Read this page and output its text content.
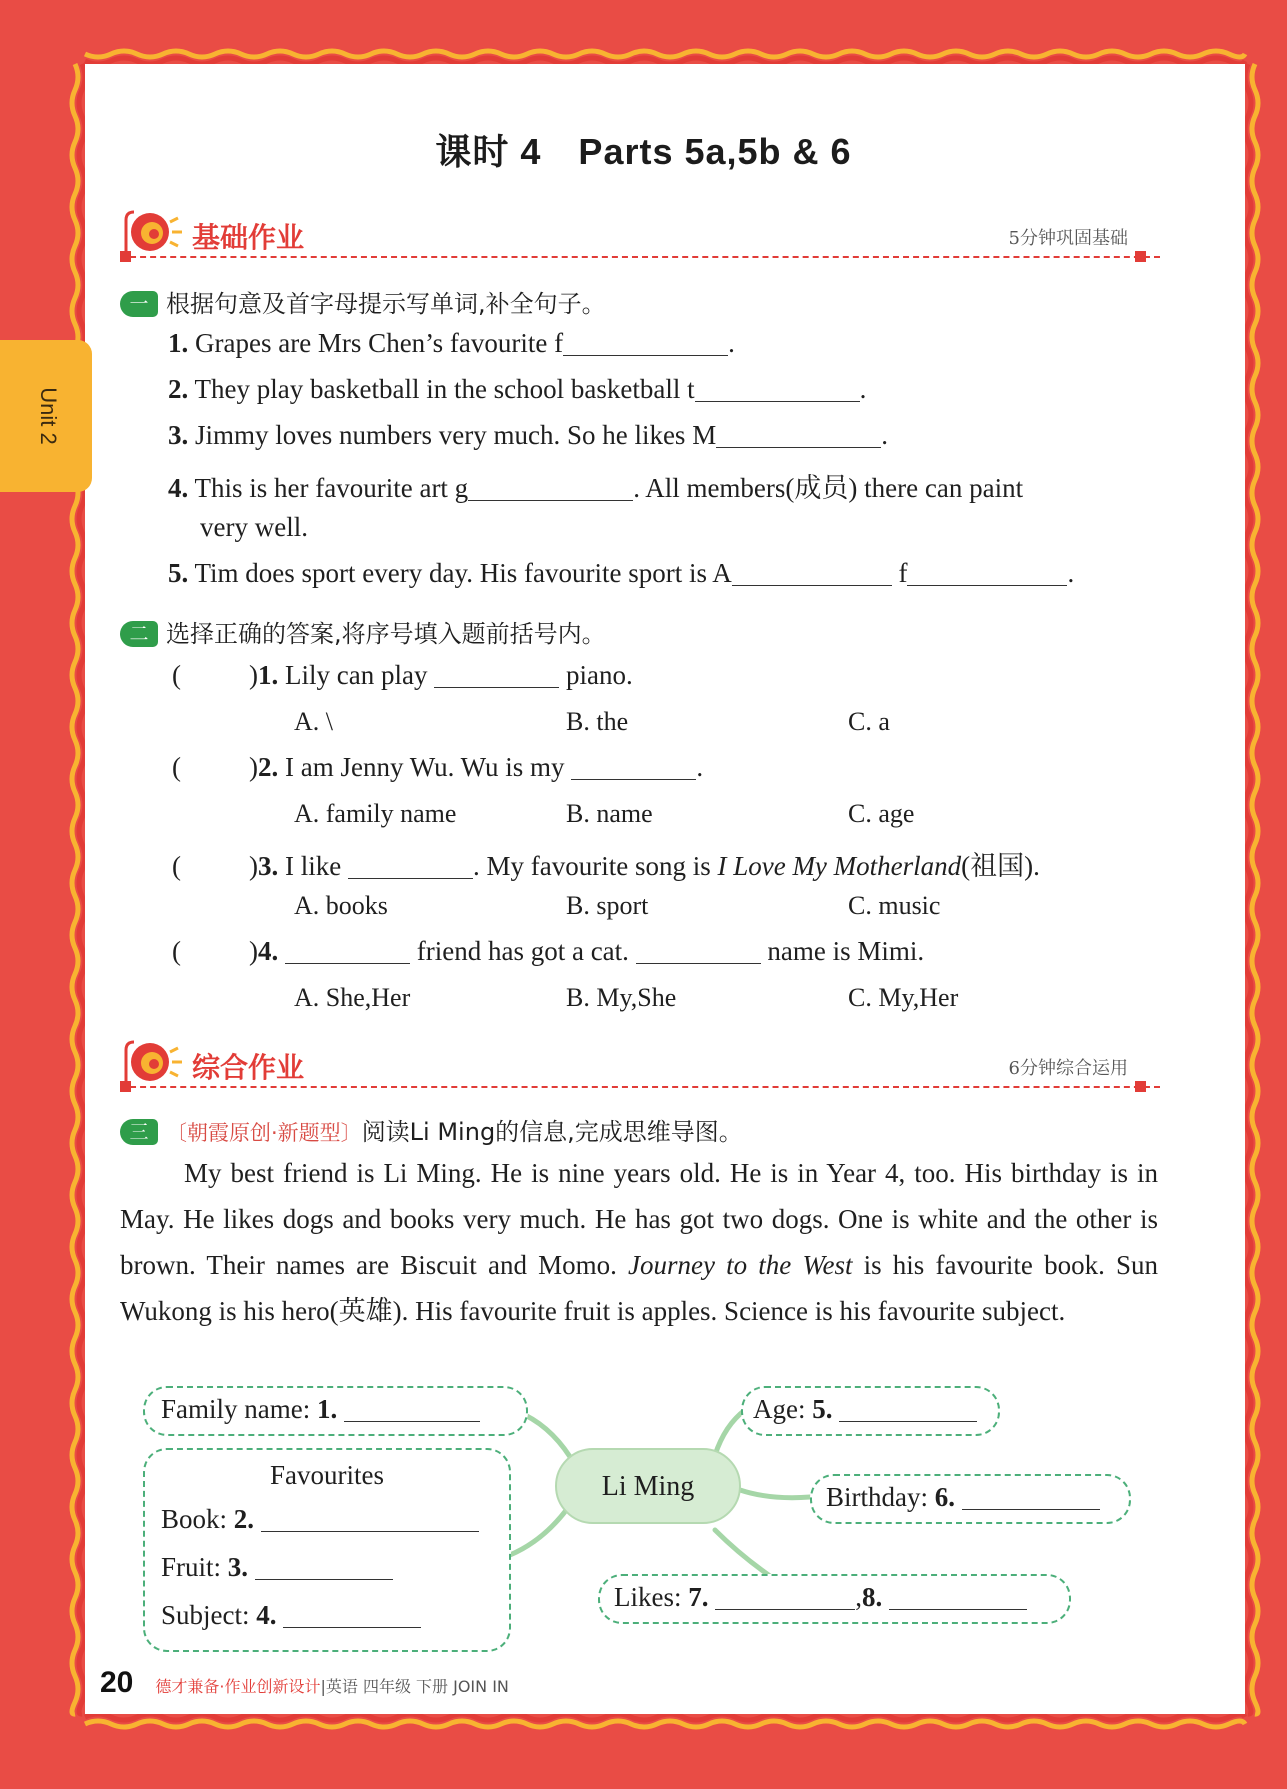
Unit 2
课时 4　Parts 5a,5b & 6
基础作业	5分钟巩固基础
一 根据句意及首字母提示写单词,补全句子。
1. Grapes are Mrs Chen’s favourite f	.
2. They play basketball in the school basketball t	.
3. Jimmy loves numbers very much. So he likes M	.
4. This is her favourite art g	. All members(成员) there can paint
very well.
5. Tim does sport every day. His favourite sport is A	f	.
二 选择正确的答案,将序号填入题前括号内。
(	)1. Lily can play	piano.
A. \	B. the	C. a
(	)2. I am Jenny Wu. Wu is my	.
A. family name	B. name	C. age
(	)3. I like	. My favourite song is I Love My Motherland(祖国).
A. books	B. sport	C. music
(	)4.	friend has got a cat.	name is Mimi.
A. She,Her	B. My,She	C. My,Her
综合作业	6分钟综合运用
三 〔朝霞原创·新题型〕阅读Li Ming的信息,完成思维导图。
My best friend is Li Ming. He is nine years old. He is in Year 4, too. His birthday is in May. He likes dogs and books very much. He has got two dogs. One is white and the other is brown. Their names are Biscuit and Momo. Journey to the West is his favourite book. Sun Wukong is his hero(英雄). His favourite fruit is apples. Science is his favourite subject.
Li Ming
Family name: 1.
Favourites
Book: 2.
Fruit: 3.
Subject: 4.
Age: 5.
Birthday: 6.
Likes: 7.	,8.
20 德才兼备·作业创新设计|英语 四年级 下册 JOIN IN
